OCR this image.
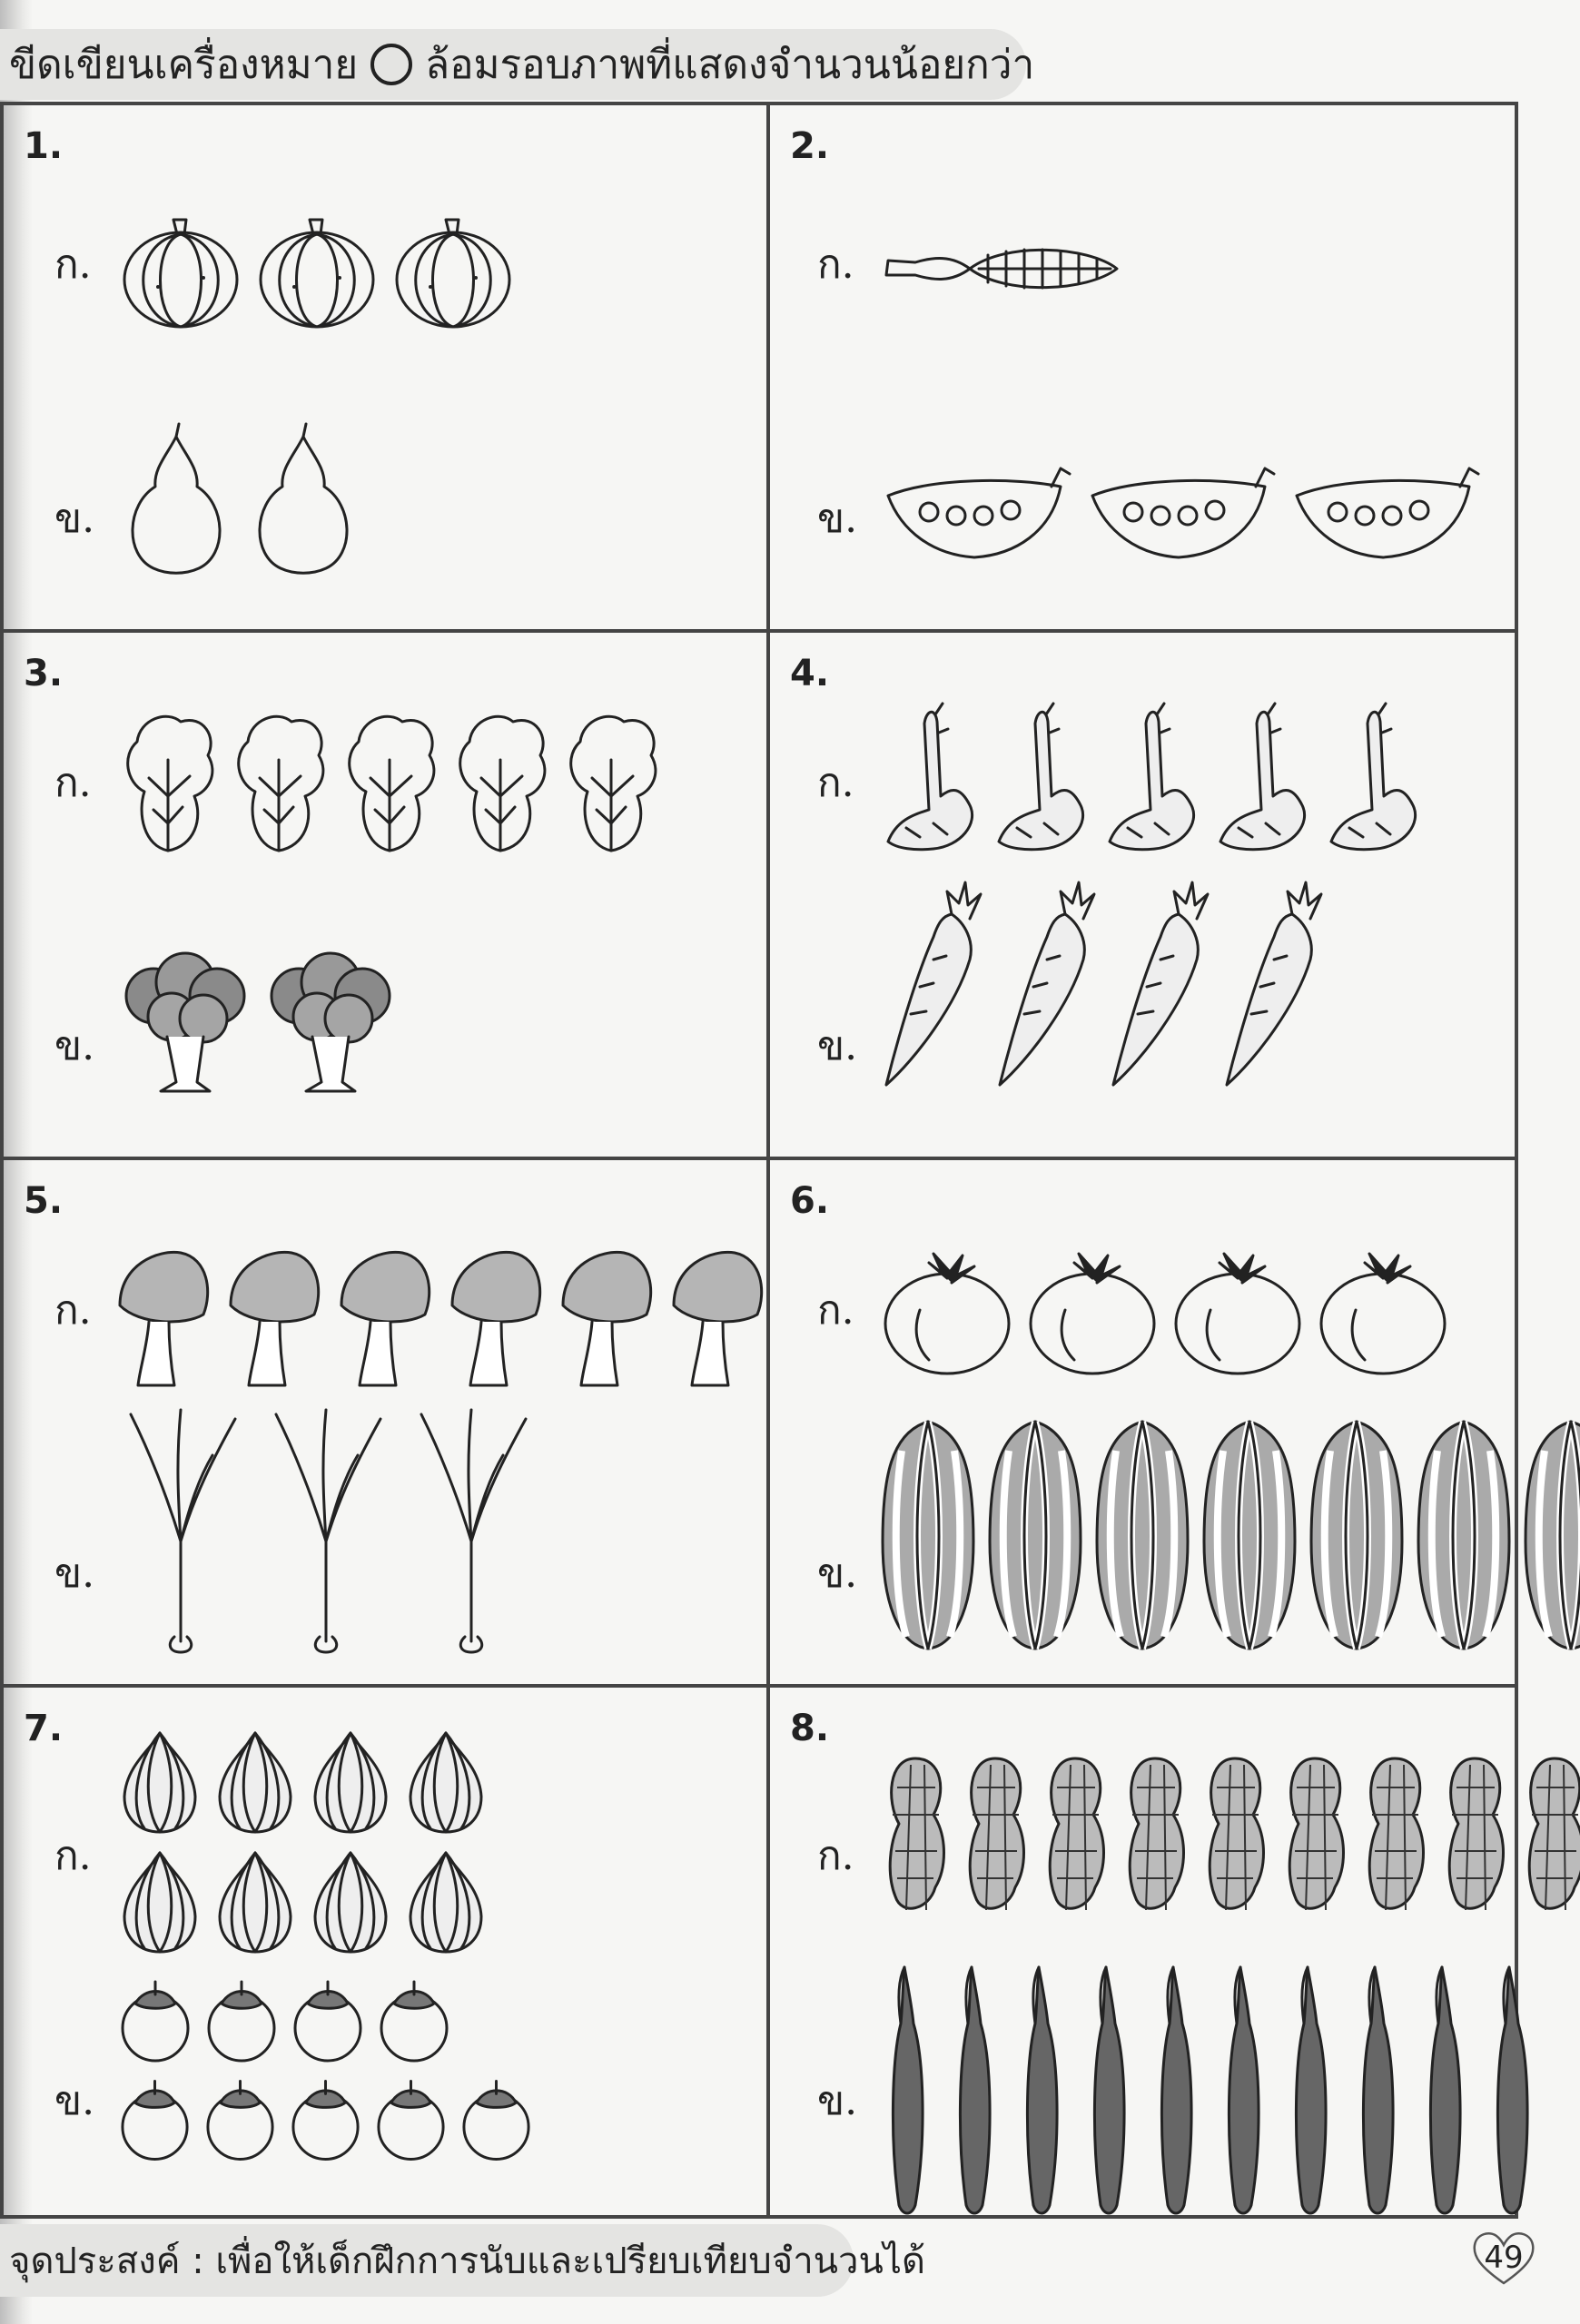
ขีดเขียนเครื่องหมาย ล้อมรอบภาพที่แสดงจำนวนน้อยกว่า
1.
ก.
ข.
2.
ก.
ข.
3.
ก.
ข.
4.
ก.
ข.
5.
ก.
ข.
6.
ก.
ข.
7.
ก.
ข.
8.
ก.
ข.
จุดประสงค์ : เพื่อให้เด็กฝึกการนับและเปรียบเทียบจำนวนได้	49
